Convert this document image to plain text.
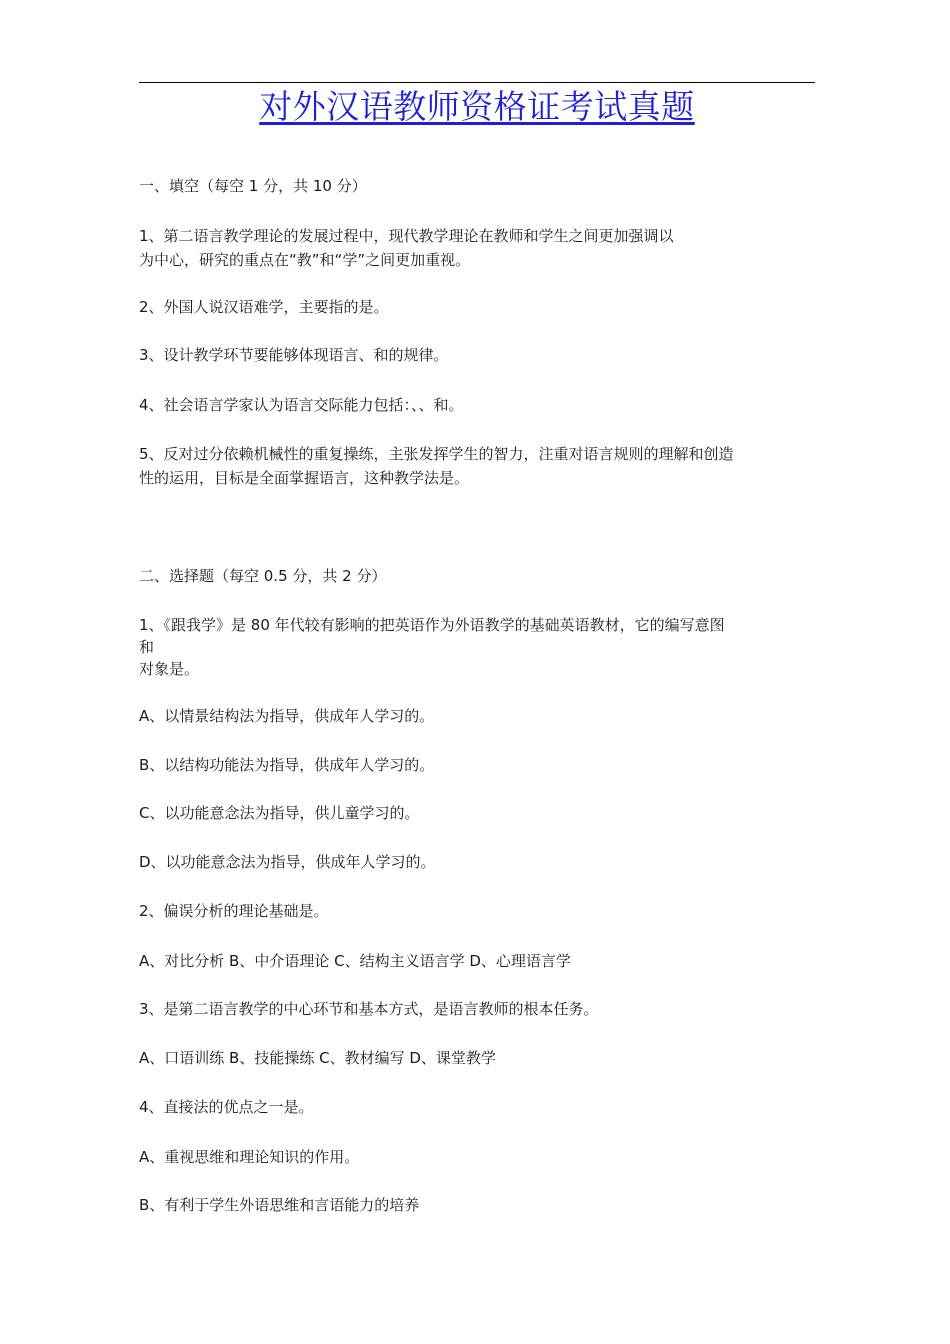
对外汉语教师资格证考试真题
一、填空（每空 1 分，共 10 分）
1、第二语言教学理论的发展过程中，现代教学理论在教师和学生之间更加强调以
为中心，研究的重点在“教”和“学”之间更加重视。
2、外国人说汉语难学，主要指的是。
3、设计教学环节要能够体现语言、和的规律。
4、社会语言学家认为语言交际能力包括：、、和。
5、反对过分依赖机械性的重复操练，主张发挥学生的智力，注重对语言规则的理解和创造
性的运用，目标是全面掌握语言，这种教学法是。
二、选择题（每空 0.5 分，共 2 分）
1、《跟我学》是 80 年代较有影响的把英语作为外语教学的基础英语教材，它的编写意图
和
对象是。
A、以情景结构法为指导，供成年人学习的。
B、以结构功能法为指导，供成年人学习的。
C、以功能意念法为指导，供儿童学习的。
D、以功能意念法为指导，供成年人学习的。
2、偏误分析的理论基础是。
A、对比分析 B、中介语理论 C、结构主义语言学 D、心理语言学
3、是第二语言教学的中心环节和基本方式，是语言教师的根本任务。
A、口语训练 B、技能操练 C、教材编写 D、课堂教学
4、直接法的优点之一是。
A、重视思维和理论知识的作用。
B、有利于学生外语思维和言语能力的培养
